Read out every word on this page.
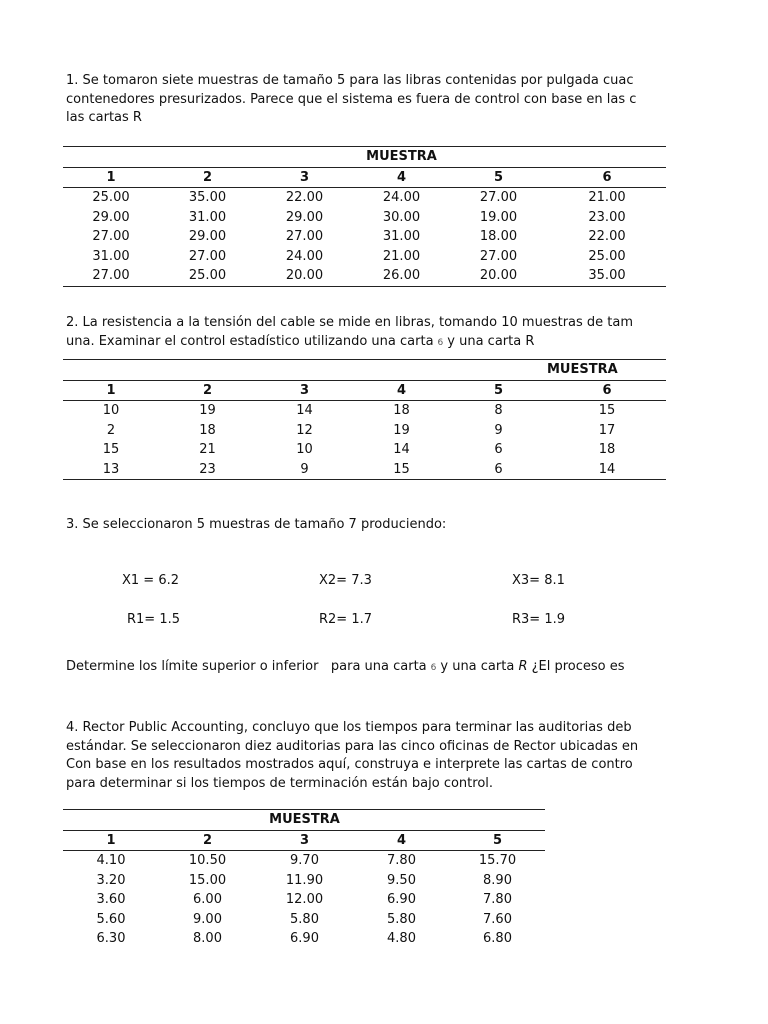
1. Se tomaron siete muestras de tamaño 5 para las libras contenidas por pulgada cuac
contenedores presurizados. Parece que el sistema es fuera de control con base en las c
las cartas R
			MUESTRA			
1	2	3	4	5	6	
25.00	35.00	22.00	24.00	27.00	21.00	
29.00	31.00	29.00	30.00	19.00	23.00	
27.00	29.00	27.00	31.00	18.00	22.00	
31.00	27.00	24.00	21.00	27.00	25.00	
27.00	25.00	20.00	26.00	20.00	35.00	
2. La resistencia a la tensión del cable se mide en libras, tomando 10 muestras de tam
una. Examinar el control estadístico utilizando una carta 6 y una carta R
					MUESTRA	
1	2	3	4	5	6	
10	19	14	18	8	15	
2	18	12	19	9	17	
15	21	10	14	6	18	
13	23	9	15	6	14	
3. Se seleccionaron 5 muestras de tamaño 7 produciendo:
X1 = 6.2	X2= 7.3	X3= 8.1
R1= 1.5	R2= 1.7	R3= 1.9
Determine los límite superior o inferior   para una carta 6 y una carta R ¿El proceso es
4. Rector Public Accounting, concluyo que los tiempos para terminar las auditorias deb
estándar. Se seleccionaron diez auditorias para las cinco oficinas de Rector ubicadas en
Con base en los resultados mostrados aquí, construya e interprete las cartas de contro
para determinar si los tiempos de terminación están bajo control.
		MUESTRA		
1	2	3	4	5
4.10	10.50	9.70	7.80	15.70
3.20	15.00	11.90	9.50	8.90
3.60	6.00	12.00	6.90	7.80
5.60	9.00	5.80	5.80	7.60
6.30	8.00	6.90	4.80	6.80
